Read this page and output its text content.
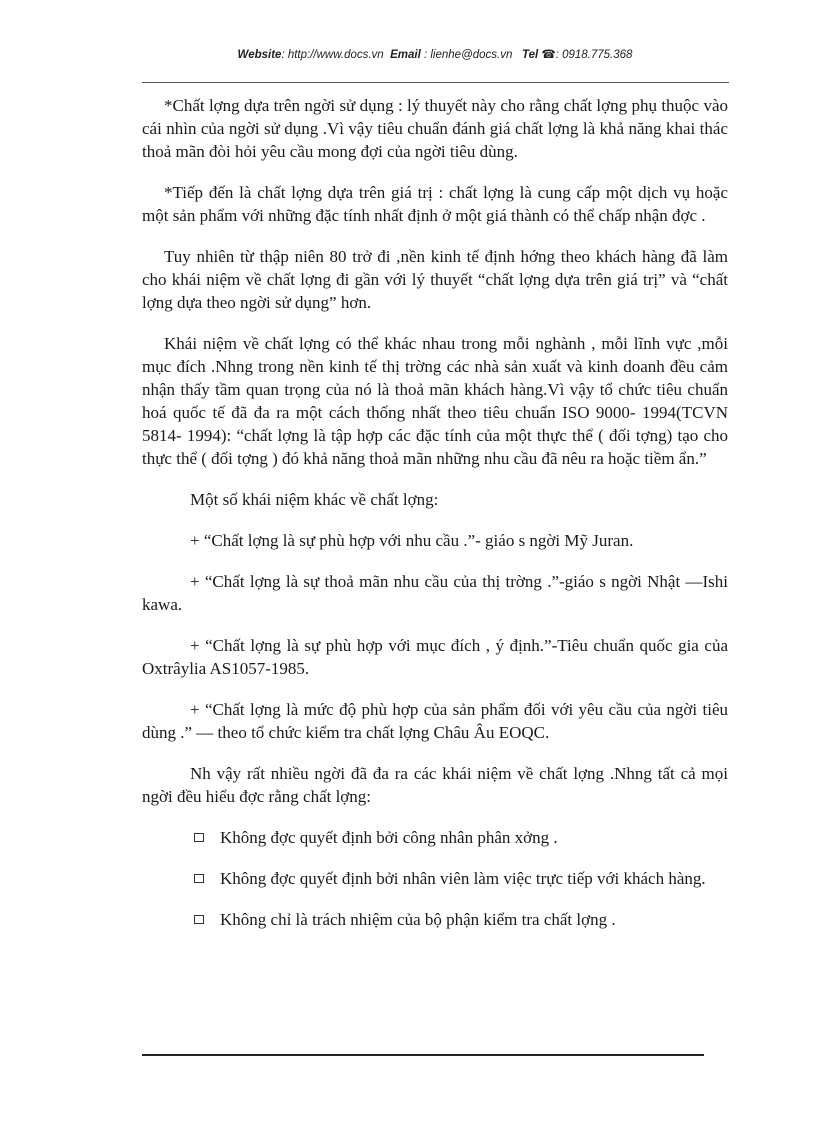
Website: http://www.docs.vn Email : lienhe@docs.vn Tel ☎: 0918.775.368

*Chất lợng dựa trên ngời sử dụng : lý thuyết này cho rằng chất lợng phụ thuộc vào cái nhìn của ngời sử dụng .Vì vậy tiêu chuẩn đánh giá chất lợng là khả năng khai thác thoả mãn đòi hỏi yêu cầu mong đợi của ngời tiêu dùng.

*Tiếp đến là chất lợng dựa trên giá trị : chất lợng là cung cấp một dịch vụ hoặc một sản phẩm với những đặc tính nhất định ở một giá thành có thể chấp nhận đợc .

Tuy nhiên từ thập niên 80 trở đi ,nền kinh tế định hớng theo khách hàng đã làm cho khái niệm về chất lợng đi gần với lý thuyết “chất lợng dựa trên giá trị” và “chất lợng dựa theo ngời sử dụng” hơn.

Khái niệm về chất lợng có thể khác nhau trong mỗi nghành , mỗi lĩnh vực ,mỗi mục đích .Nhng trong nền kinh tế thị trờng các nhà sản xuất và kinh doanh đều cảm nhận thấy tầm quan trọng của nó là thoả mãn khách hàng.Vì vậy tổ chức tiêu chuẩn hoá quốc tế đã đa ra một cách thống nhất theo tiêu chuẩn ISO 9000- 1994(TCVN 5814- 1994): “chất lợng là tập hợp các đặc tính của một thực thể ( đối tợng) tạo cho thực thể ( đối tợng ) đó khả năng thoả mãn những nhu cầu đã nêu ra hoặc tiềm ẩn.”

Một số khái niệm khác về chất lợng:

+ “Chất lợng là sự phù hợp với nhu cầu .”- giáo s ngời Mỹ Juran.

+ “Chất lợng là sự thoả mãn nhu cầu của thị trờng .”-giáo s ngời Nhật —Ishi kawa.

+ “Chất lợng là sự phù hợp với mục đích , ý định.”-Tiêu chuẩn quốc gia của Oxtrâylia AS1057-1985.

+ “Chất lợng là mức độ phù hợp của sản phẩm đối với yêu cầu của ngời tiêu dùng .” — theo tổ chức kiểm tra chất lợng Châu Âu EOQC.

Nh vậy rất nhiều ngời đã đa ra các khái niệm về chất lợng .Nhng tất cả mọi ngời đều hiểu đợc rằng chất lợng:

Không đợc quyết định bởi công nhân phân xởng .
Không đợc quyết định bởi nhân viên làm việc trực tiếp với khách hàng.
Không chỉ là trách nhiệm của bộ phận kiểm tra chất lợng .
